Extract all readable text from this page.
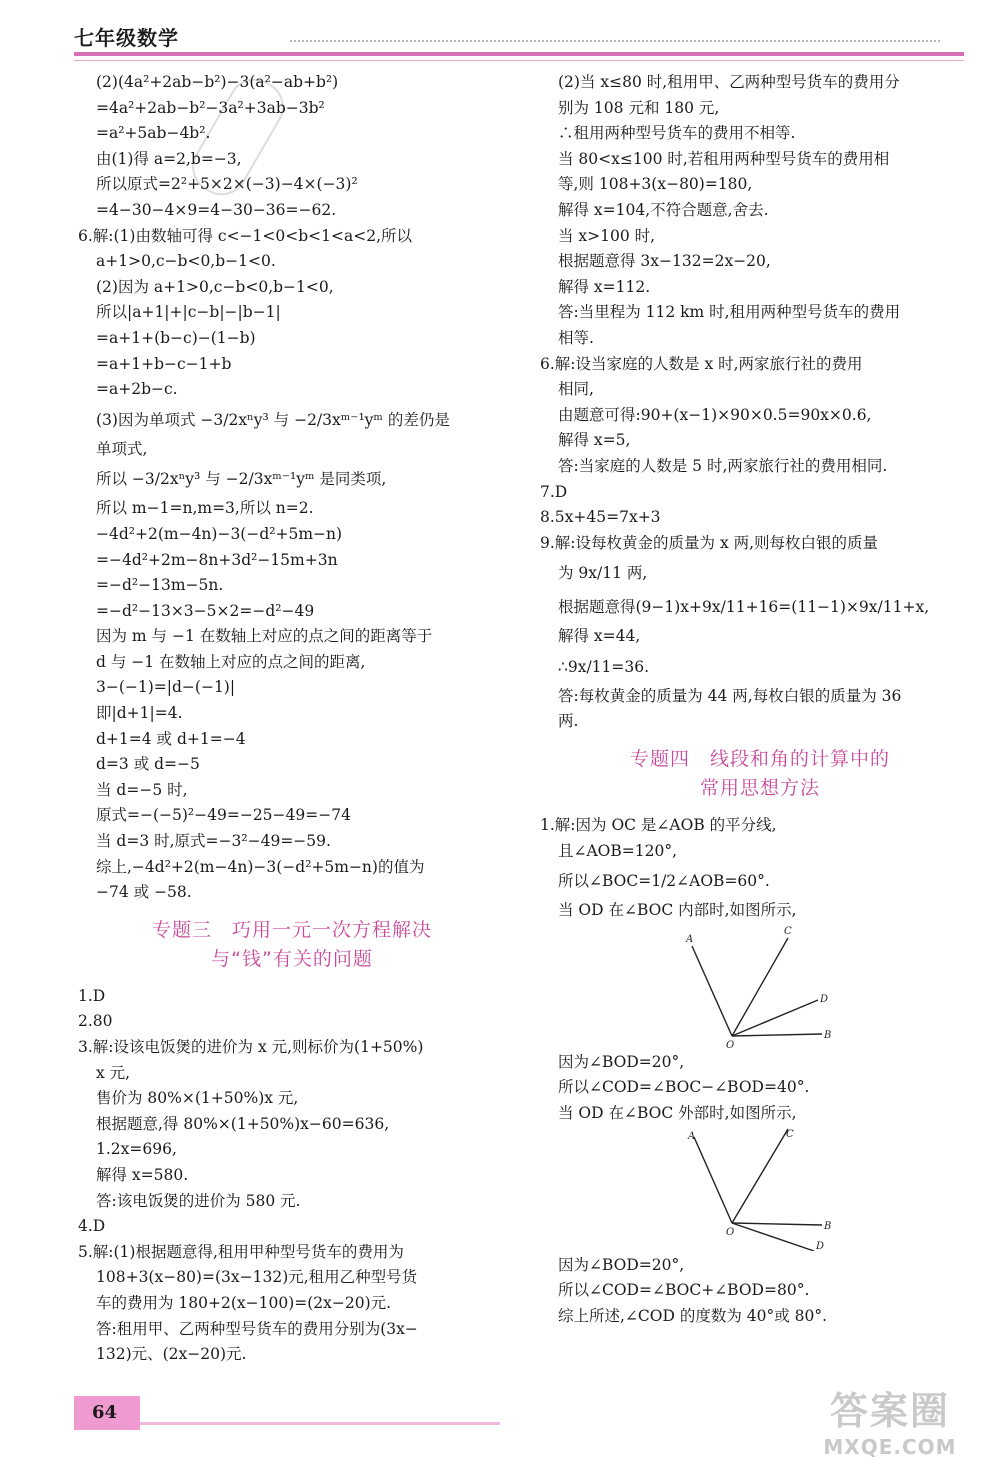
七年级数学
(2)(4a²+2ab−b²)−3(a²−ab+b²)
=4a²+2ab−b²−3a²+3ab−3b²
=a²+5ab−4b².
由(1)得 a=2,b=−3,
所以原式=2²+5×2×(−3)−4×(−3)²
=4−30−4×9=4−30−36=−62.
6.解:(1)由数轴可得 c<−1<0<b<1<a<2,所以
a+1>0,c−b<0,b−1<0.
(2)因为 a+1>0,c−b<0,b−1<0,
所以|a+1|+|c−b|−|b−1|
=a+1+(b−c)−(1−b)
=a+1+b−c−1+b
=a+2b−c.
(3)因为单项式 −3/2xⁿy³ 与 −2/3xᵐ⁻¹yᵐ 的差仍是
单项式,
所以 −3/2xⁿy³ 与 −2/3xᵐ⁻¹yᵐ 是同类项,
所以 m−1=n,m=3,所以 n=2.
−4d²+2(m−4n)−3(−d²+5m−n)
=−4d²+2m−8n+3d²−15m+3n
=−d²−13m−5n.
=−d²−13×3−5×2=−d²−49
因为 m 与 −1 在数轴上对应的点之间的距离等于
d 与 −1 在数轴上对应的点之间的距离,
3−(−1)=|d−(−1)|
即|d+1|=4.
d+1=4 或 d+1=−4
d=3 或 d=−5
当 d=−5 时,
原式=−(−5)²−49=−25−49=−74
当 d=3 时,原式=−3²−49=−59.
综上,−4d²+2(m−4n)−3(−d²+5m−n)的值为
−74 或 −58.
专题三　巧用一元一次方程解决
与“钱”有关的问题
1.D
2.80
3.解:设该电饭煲的进价为 x 元,则标价为(1+50%)
x 元,
售价为 80%×(1+50%)x 元,
根据题意,得 80%×(1+50%)x−60=636,
1.2x=696,
解得 x=580.
答:该电饭煲的进价为 580 元.
4.D
5.解:(1)根据题意得,租用甲种型号货车的费用为
108+3(x−80)=(3x−132)元,租用乙种型号货
车的费用为 180+2(x−100)=(2x−20)元.
答:租用甲、乙两种型号货车的费用分别为(3x−
132)元、(2x−20)元.
(2)当 x≤80 时,租用甲、乙两种型号货车的费用分
别为 108 元和 180 元,
∴租用两种型号货车的费用不相等.
当 80<x≤100 时,若租用两种型号货车的费用相
等,则 108+3(x−80)=180,
解得 x=104,不符合题意,舍去.
当 x>100 时,
根据题意得 3x−132=2x−20,
解得 x=112.
答:当里程为 112 km 时,租用两种型号货车的费用
相等.
6.解:设当家庭的人数是 x 时,两家旅行社的费用
相同,
由题意可得:90+(x−1)×90×0.5=90x×0.6,
解得 x=5,
答:当家庭的人数是 5 时,两家旅行社的费用相同.
7.D
8.5x+45=7x+3
9.解:设每枚黄金的质量为 x 两,则每枚白银的质量
为 9x/11 两,
根据题意得(9−1)x+9x/11+16=(11−1)×9x/11+x,
解得 x=44,
∴9x/11=36.
答:每枚黄金的质量为 44 两,每枚白银的质量为 36
两.
专题四　线段和角的计算中的
常用思想方法
1.解:因为 OC 是∠AOB 的平分线,
且∠AOB=120°,
所以∠BOC=1/2∠AOB=60°.
当 OD 在∠BOC 内部时,如图所示,
A
C
D
O
B
因为∠BOD=20°,
所以∠COD=∠BOC−∠BOD=40°.
当 OD 在∠BOC 外部时,如图所示,
A	C
O
B
D
因为∠BOD=20°,
所以∠COD=∠BOC+∠BOD=80°.
综上所述,∠COD 的度数为 40°或 80°.
64	答案圈
MXQE.COM
